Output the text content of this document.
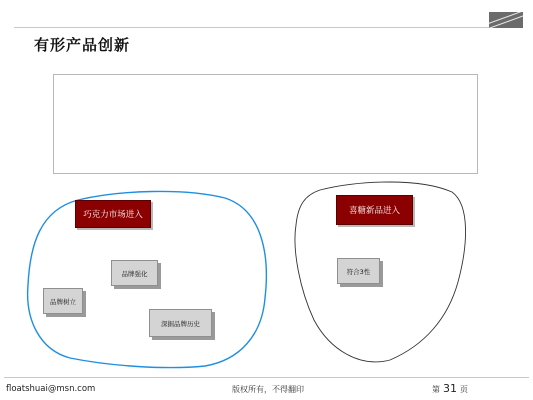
有形产品创新
巧克力市场进入
品牌强化
品牌树立
深掘品牌历史
喜糖新品进入
符合3性
floatshuai@msn.com	版权所有，不得翻印	第 31 页
